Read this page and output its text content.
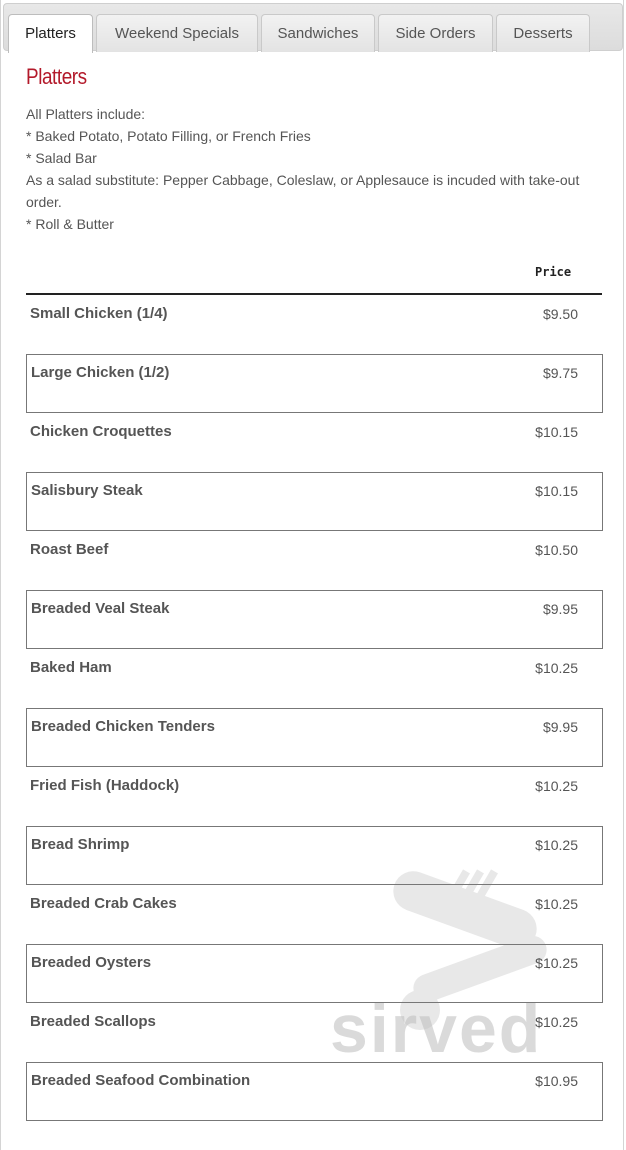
Platters	Weekend Specials	Sandwiches	Side Orders	Desserts
Platters
All Platters include:
* Baked Potato, Potato Filling, or French Fries
* Salad Bar
As a salad substitute: Pepper Cabbage, Coleslaw, or Applesauce is incuded with take-out
order.
* Roll & Butter
Price
sirved
Small Chicken (1/4)	$9.50
Large Chicken (1/2)	$9.75
Chicken Croquettes	$10.15
Salisbury Steak	$10.15
Roast Beef	$10.50
Breaded Veal Steak	$9.95
Baked Ham	$10.25
Breaded Chicken Tenders	$9.95
Fried Fish (Haddock)	$10.25
Bread Shrimp	$10.25
Breaded Crab Cakes	$10.25
Breaded Oysters	$10.25
Breaded Scallops	$10.25
Breaded Seafood Combination	$10.95
